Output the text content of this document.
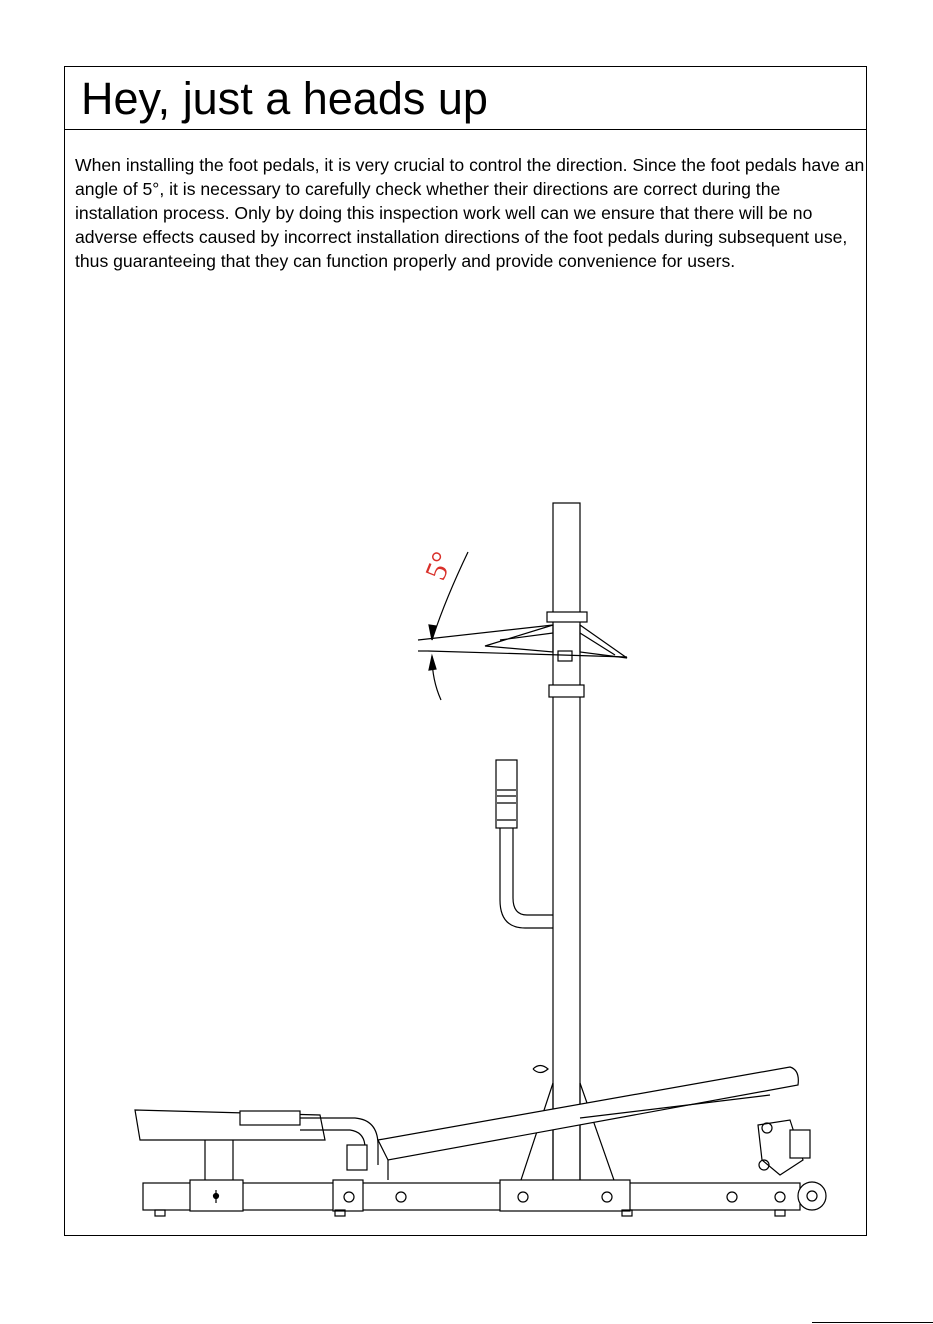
Hey, just a heads up
When installing the foot pedals, it is very crucial to control the direction. Since the foot pedals have an angle of 5°, it is necessary to carefully check whether their directions are correct during the installation process. Only by doing this inspection work well can we ensure that there will be no adverse effects caused by incorrect installation directions of the foot pedals during subsequent use, thus guaranteeing that they can function properly and provide convenience for users.
5°
